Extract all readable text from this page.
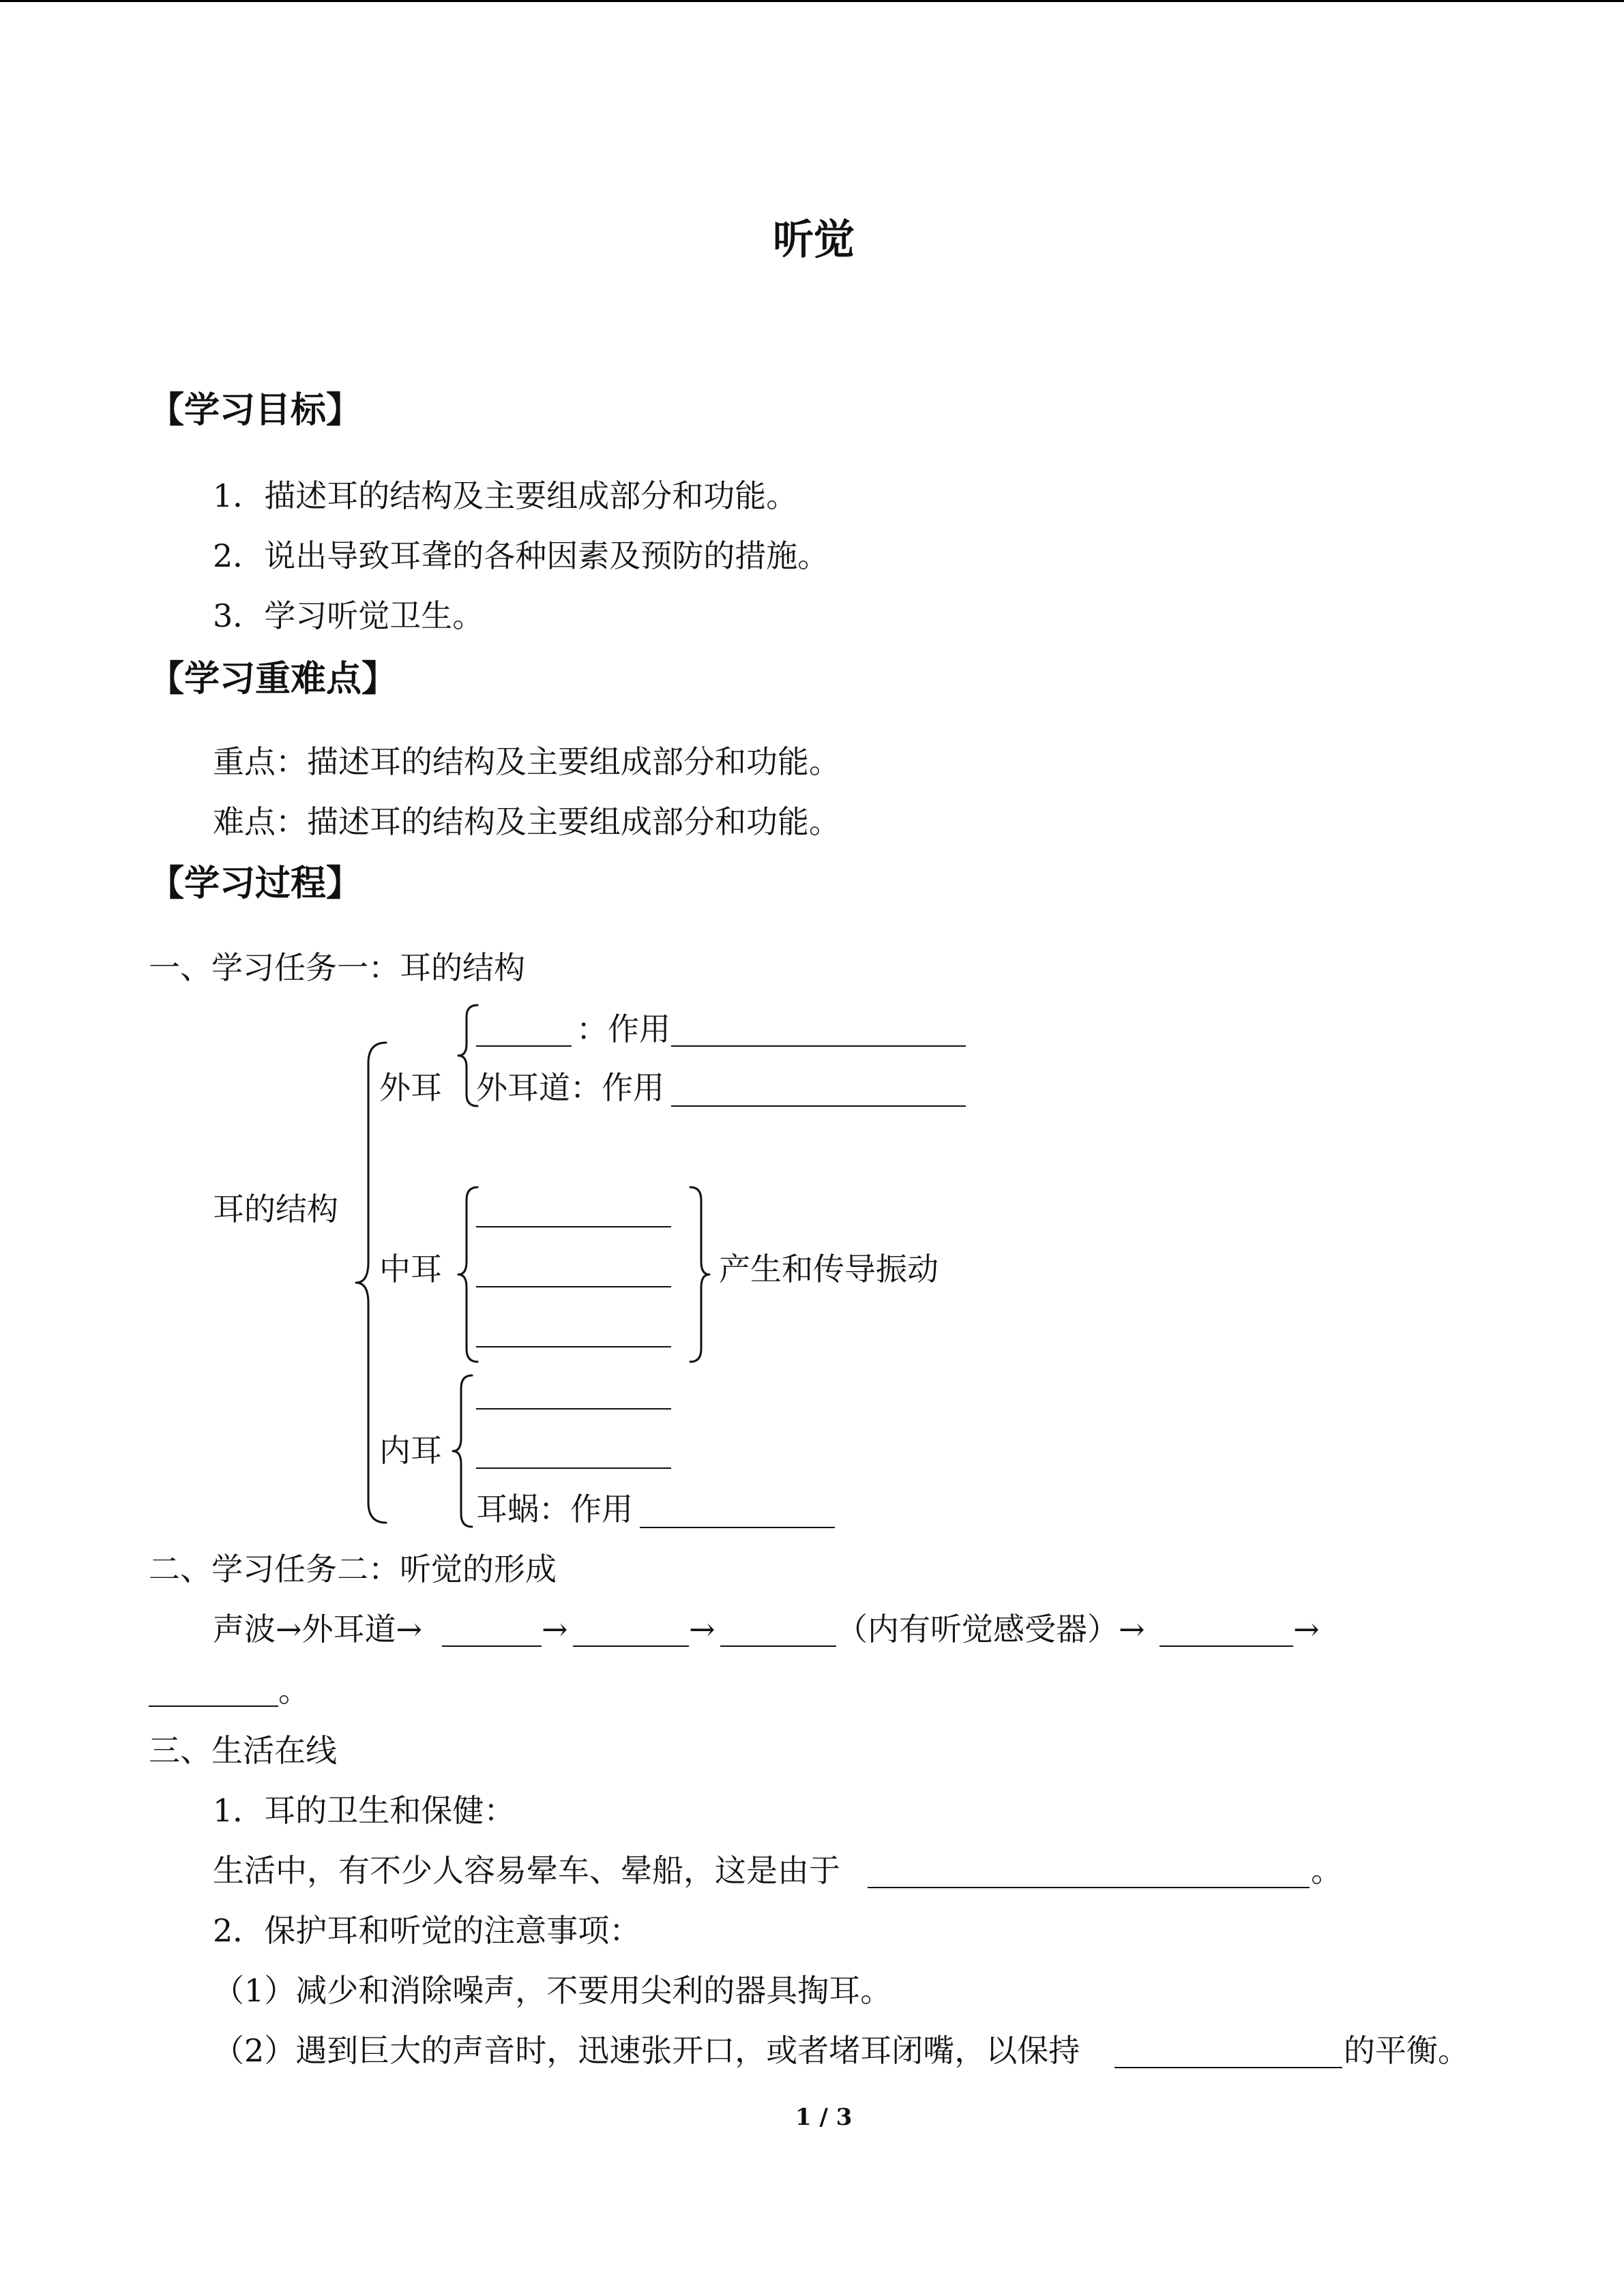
听觉
【学习目标】
1．描述耳的结构及主要组成部分和功能。
2．说出导致耳聋的各种因素及预防的措施。
3．学习听觉卫生。
【学习重难点】
重点：描述耳的结构及主要组成部分和功能。
难点：描述耳的结构及主要组成部分和功能。
【学习过程】
一、学习任务一：耳的结构
耳的结构
外耳
：作用
外耳道：作用
中耳	产生和传导振动
内耳
耳蜗：作用
二、学习任务二：听觉的形成
声波→外耳道→	→	→	（内有听觉感受器）→	→
。
三、生活在线
1．耳的卫生和保健：
生活中，有不少人容易晕车、晕船，这是由于	。
2．保护耳和听觉的注意事项：
（1）减少和消除噪声，不要用尖利的器具掏耳。
（2）遇到巨大的声音时，迅速张开口，或者堵耳闭嘴，以保持	的平衡。
1 / 3
